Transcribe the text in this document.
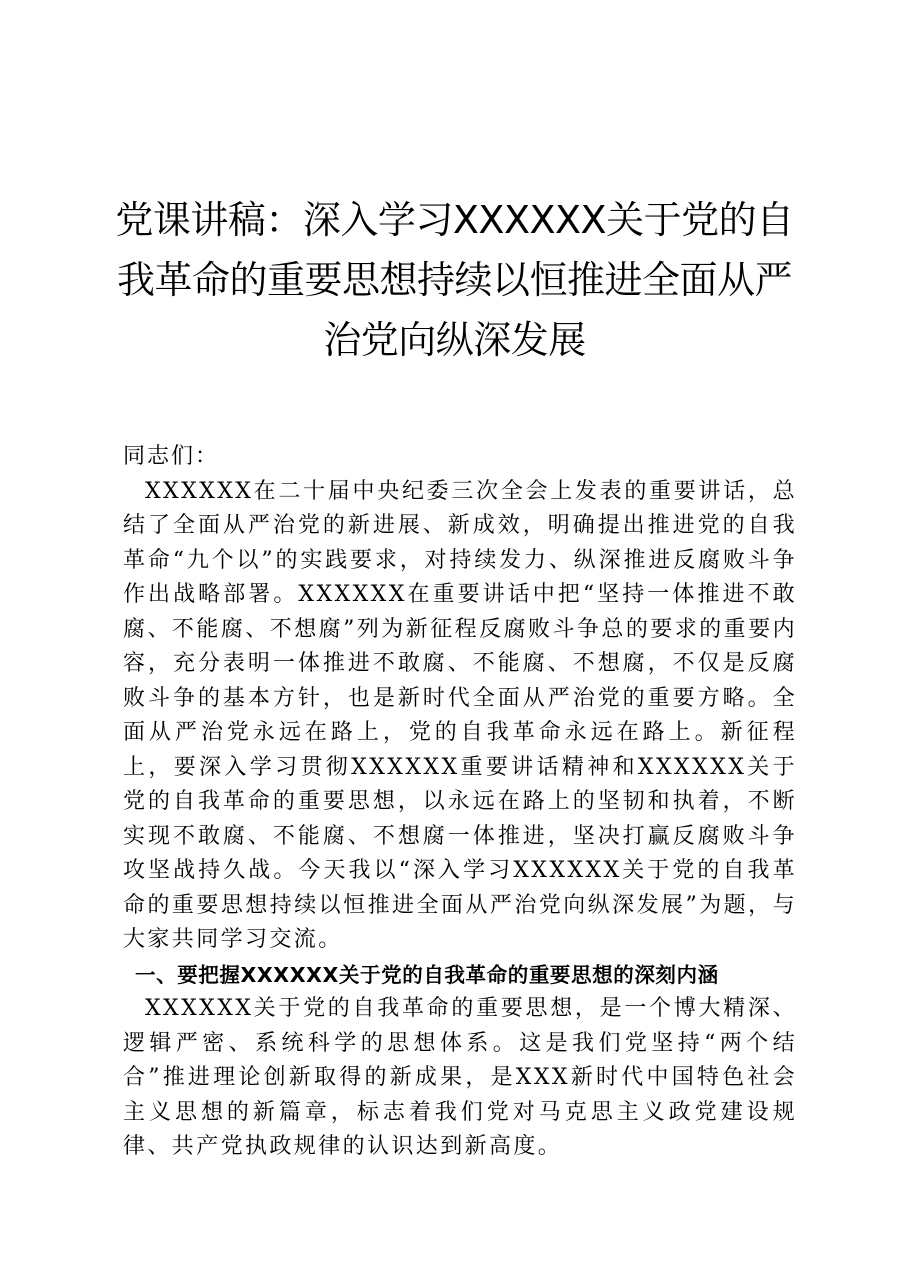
党课讲稿：深入学习XXXXXX关于党的自我革命的重要思想持续以恒推进全面从严治党向纵深发展

同志们：

XXXXXX在二十届中央纪委三次全会上发表的重要讲话，总结了全面从严治党的新进展、新成效，明确提出推进党的自我革命“九个以”的实践要求，对持续发力、纵深推进反腐败斗争作出战略部署。XXXXXX在重要讲话中把“坚持一体推进不敢腐、不能腐、不想腐”列为新征程反腐败斗争总的要求的重要内容，充分表明一体推进不敢腐、不能腐、不想腐，不仅是反腐败斗争的基本方针，也是新时代全面从严治党的重要方略。全面从严治党永远在路上，党的自我革命永远在路上。新征程上，要深入学习贯彻XXXXXX重要讲话精神和XXXXXX关于党的自我革命的重要思想，以永远在路上的坚韧和执着，不断实现不敢腐、不能腐、不想腐一体推进，坚决打赢反腐败斗争攻坚战持久战。今天我以“深入学习XXXXXX关于党的自我革命的重要思想持续以恒推进全面从严治党向纵深发展”为题，与大家共同学习交流。

一、要把握XXXXXX关于党的自我革命的重要思想的深刻内涵

XXXXXX关于党的自我革命的重要思想，是一个博大精深、逻辑严密、系统科学的思想体系。这是我们党坚持“两个结合”推进理论创新取得的新成果，是XXX新时代中国特色社会主义思想的新篇章，标志着我们党对马克思主义政党建设规律、共产党执政规律的认识达到新高度。
